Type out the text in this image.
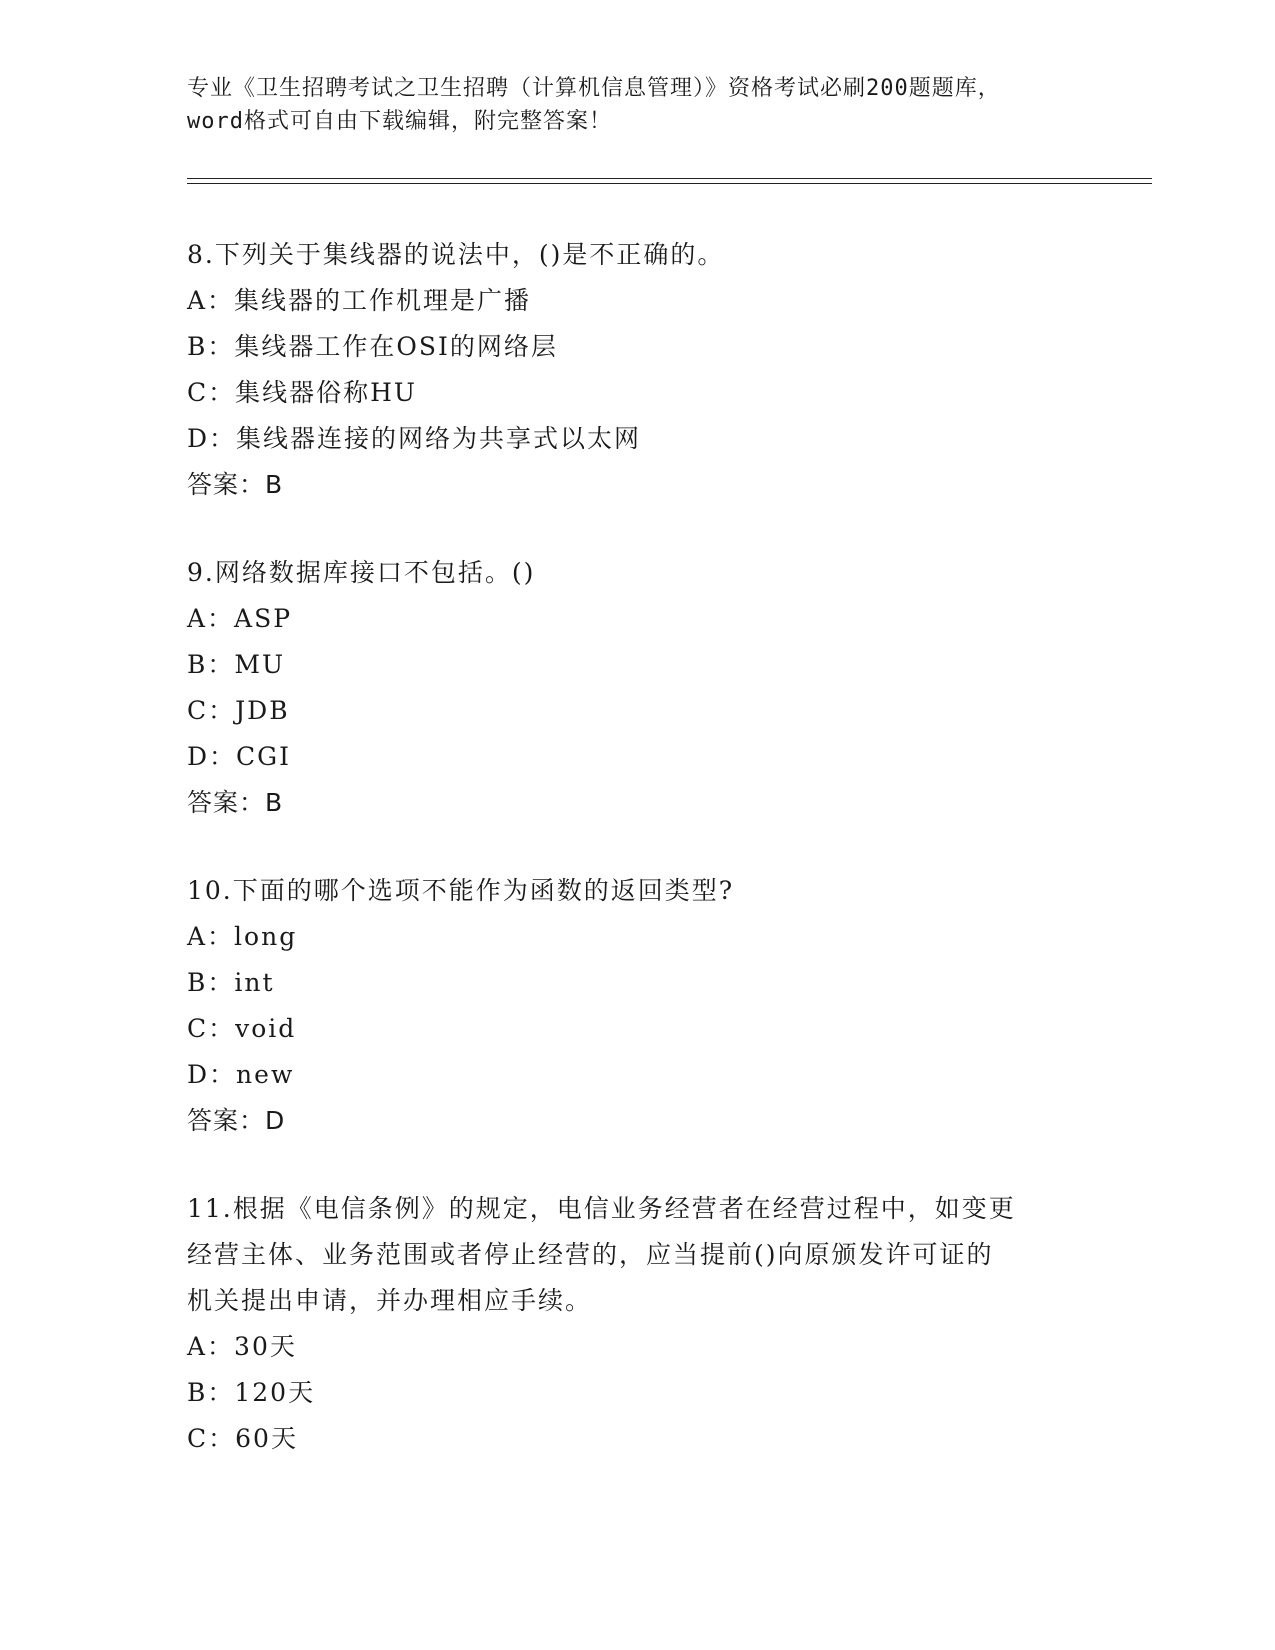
专业《卫生招聘考试之卫生招聘（计算机信息管理）》资格考试必刷200题题库，
word格式可自由下载编辑，附完整答案！
8.下列关于集线器的说法中，()是不正确的。
A：集线器的工作机理是广播
B：集线器工作在OSI的网络层
C：集线器俗称HU
D：集线器连接的网络为共享式以太网
答案：B
9.网络数据库接口不包括。()
A：ASP
B：MU
C：JDB
D：CGI
答案：B
10.下面的哪个选项不能作为函数的返回类型?
A：long
B：int
C：void
D：new
答案：D
11.根据《电信条例》的规定，电信业务经营者在经营过程中，如变更
经营主体、业务范围或者停止经营的，应当提前()向原颁发许可证的
机关提出申请，并办理相应手续。
A：30天
B：120天
C：60天
